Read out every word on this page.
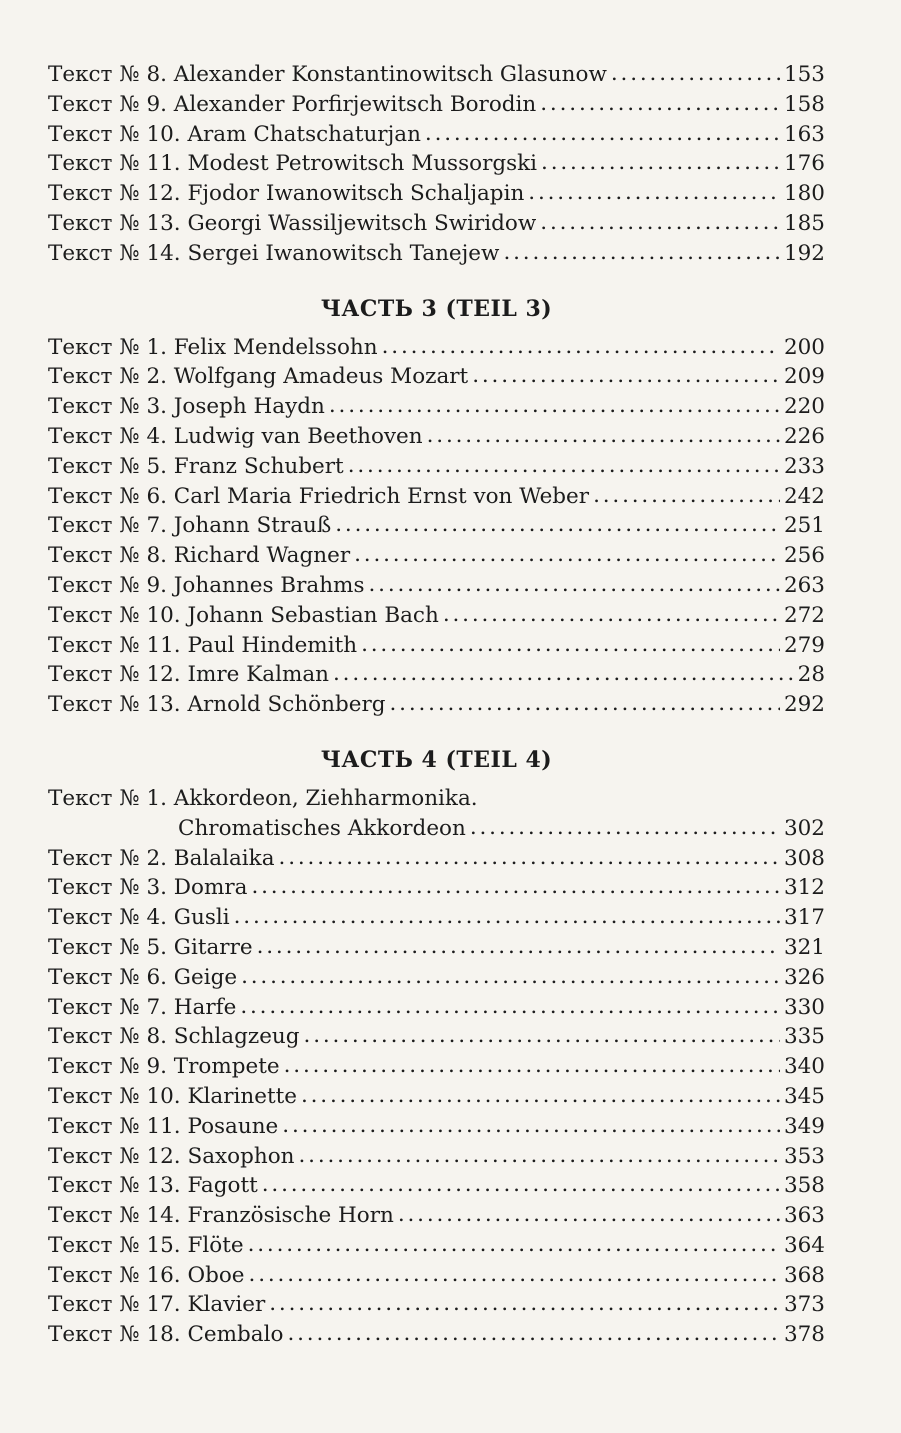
Текст № 8. Alexander Konstantinowitsch Glasunow . . .	153
Текст № 9. Alexander Porfirjewitsch Borodin . . .	158
Текст № 10. Aram Chatschaturjan . . .	163
Текст № 11. Modest Petrowitsch Mussorgski . . .	176
Текст № 12. Fjodor Iwanowitsch Schaljapin . . .	180
Текст № 13. Georgi Wassiljewitsch Swiridow . . .	185
Текст № 14. Sergei Iwanowitsch Tanejew . . .	192
ЧАСТЬ 3 (TEIL 3)
Текст № 1. Felix Mendelssohn . . .	200
Текст № 2. Wolfgang Amadeus Mozart . . .	209
Текст № 3. Joseph Haydn . . .	220
Текст № 4. Ludwig van Beethoven . . .	226
Текст № 5. Franz Schubert . . .	233
Текст № 6. Carl Maria Friedrich Ernst von Weber . . .	242
Текст № 7. Johann Strauß . . .	251
Текст № 8. Richard Wagner . . .	256
Текст № 9. Johannes Brahms . . .	263
Текст № 10. Johann Sebastian Bach . . .	272
Текст № 11. Paul Hindemith . . .	279
Текст № 12. Imre Kalman . . .	28
Текст № 13. Arnold Schönberg . . .	292
ЧАСТЬ 4 (TEIL 4)
Текст № 1. Akkordeon, Ziehharmonika.
Chromatisches Akkordeon . . .	302
Текст № 2. Balalaika . . .	308
Текст № 3. Domra . . .	312
Текст № 4. Gusli . . .	317
Текст № 5. Gitarre . . .	321
Текст № 6. Geige . . .	326
Текст № 7. Harfe . . .	330
Текст № 8. Schlagzeug . . .	335
Текст № 9. Trompete . . .	340
Текст № 10. Klarinette . . .	345
Текст № 11. Posaune . . .	349
Текст № 12. Saxophon . . .	353
Текст № 13. Fagott . . .	358
Текст № 14. Französische Horn . . .	363
Текст № 15. Flöte . . .	364
Текст № 16. Oboe . . .	368
Текст № 17. Klavier . . .	373
Текст № 18. Cembalo . . .	378
